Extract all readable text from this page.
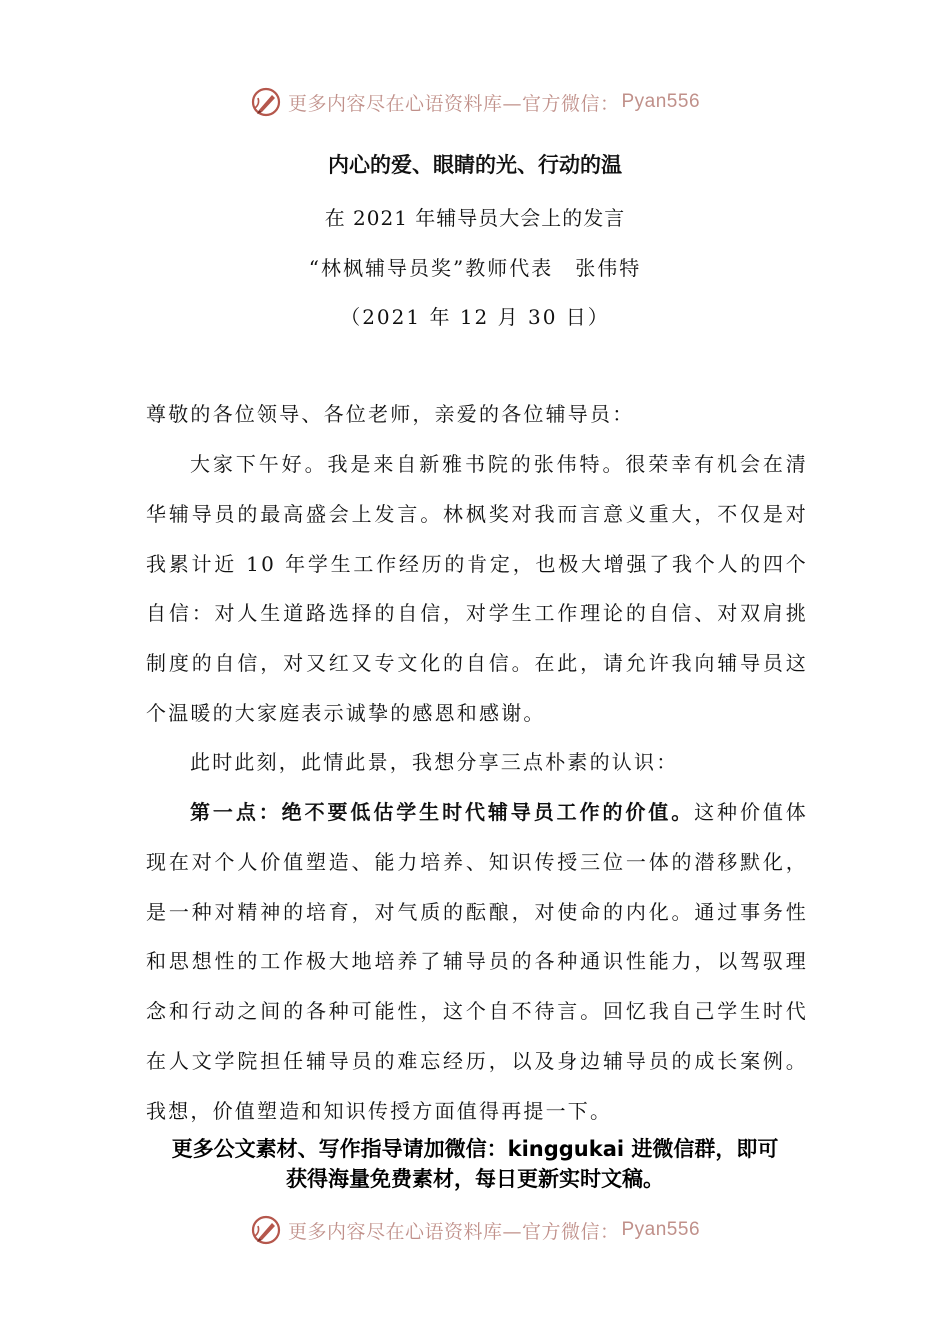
更多内容尽在心语资料库—官方微信： Pyan556
内心的爱、眼睛的光、行动的温
在 2021 年辅导员大会上的发言
“林枫辅导员奖”教师代表　张伟特
（2021 年 12 月 30 日）
尊敬的各位领导、各位老师，亲爱的各位辅导员：
大家下午好。我是来自新雅书院的张伟特。很荣幸有机会在清华辅导员的最高盛会上发言。林枫奖对我而言意义重大，不仅是对我累计近 10 年学生工作经历的肯定，也极大增强了我个人的四个自信：对人生道路选择的自信，对学生工作理论的自信、对双肩挑制度的自信，对又红又专文化的自信。在此，请允许我向辅导员这个温暖的大家庭表示诚挚的感恩和感谢。
此时此刻，此情此景，我想分享三点朴素的认识：
第一点：绝不要低估学生时代辅导员工作的价值。这种价值体现在对个人价值塑造、能力培养、知识传授三位一体的潜移默化，是一种对精神的培育，对气质的酝酿，对使命的内化。通过事务性和思想性的工作极大地培养了辅导员的各种通识性能力，以驾驭理念和行动之间的各种可能性，这个自不待言。回忆我自己学生时代在人文学院担任辅导员的难忘经历，以及身边辅导员的成长案例。我想，价值塑造和知识传授方面值得再提一下。
更多公文素材、写作指导请加微信：kinggukai 进微信群，即可
获得海量免费素材，每日更新实时文稿。
更多内容尽在心语资料库—官方微信： Pyan556
